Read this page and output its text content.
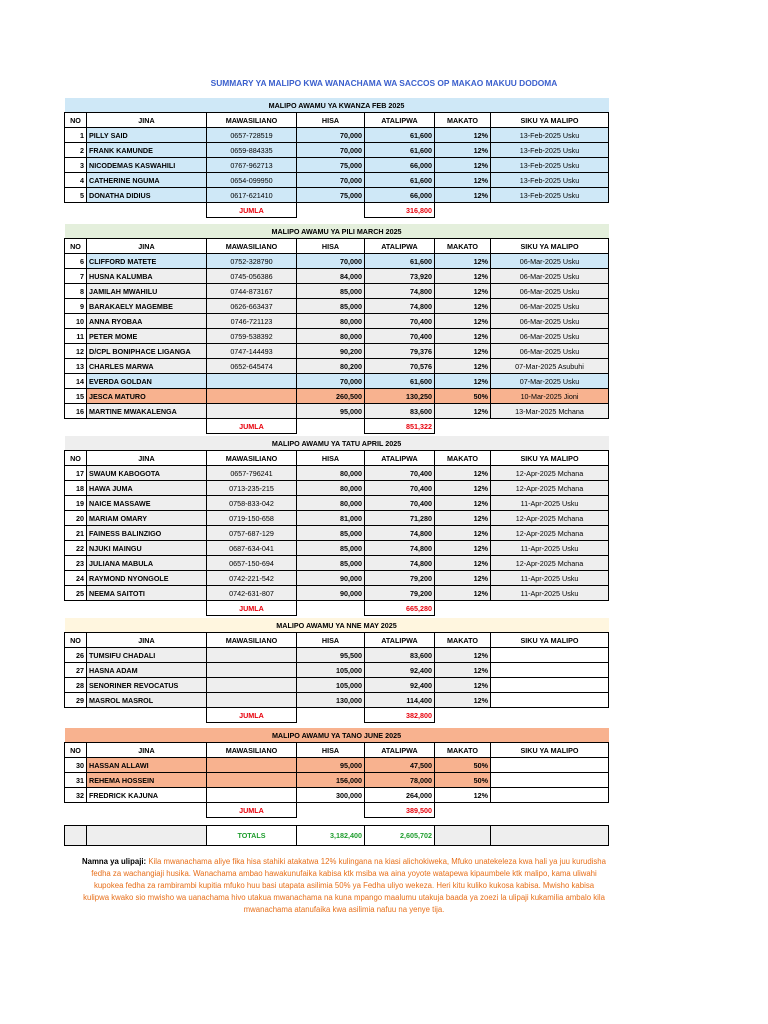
SUMMARY YA MALIPO KWA WANACHAMA WA SACCOS OP MAKAO MAKUU DODOMA
MALIPO AWAMU YA KWANZA FEB 2025						
NO	JINA	MAWASILIANO	HISA	ATALIPWA	MAKATO	SIKU YA MALIPO
1	PILLY SAID	0657-728519	70,000	61,600	12%	13-Feb-2025 Usku
2	FRANK KAMUNDE	0659-884335	70,000	61,600	12%	13-Feb-2025 Usku
3	NICODEMAS KASWAHILI	0767-962713	75,000	66,000	12%	13-Feb-2025 Usku
4	CATHERINE NGUMA	0654-099950	70,000	61,600	12%	13-Feb-2025 Usku
5	DONATHA DIDIUS	0617-621410	75,000	66,000	12%	13-Feb-2025 Usku
		JUMLA		316,800		
MALIPO AWAMU YA PILI MARCH 2025						
NO	JINA	MAWASILIANO	HISA	ATALIPWA	MAKATO	SIKU YA MALIPO
6	CLIFFORD MATETE	0752-328790	70,000	61,600	12%	06-Mar-2025 Usku
7	HUSNA KALUMBA	0745-056386	84,000	73,920	12%	06-Mar-2025 Usku
8	JAMILAH MWAHILU	0744-873167	85,000	74,800	12%	06-Mar-2025 Usku
9	BARAKAELY MAGEMBE	0626-663437	85,000	74,800	12%	06-Mar-2025 Usku
10	ANNA RYOBAA	0746-721123	80,000	70,400	12%	06-Mar-2025 Usku
11	PETER MOME	0759-538392	80,000	70,400	12%	06-Mar-2025 Usku
12	D/CPL BONIPHACE LIGANGA	0747-144493	90,200	79,376	12%	06-Mar-2025 Usku
13	CHARLES MARWA	0652-645474	80,200	70,576	12%	07-Mar-2025 Asubuhi
14	EVERDA GOLDAN		70,000	61,600	12%	07-Mar-2025 Usku
15	JESCA MATURO		260,500	130,250	50%	10-Mar-2025 Jioni
16	MARTINE MWAKALENGA		95,000	83,600	12%	13-Mar-2025 Mchana
		JUMLA		851,322		
MALIPO AWAMU YA TATU APRIL 2025						
NO	JINA	MAWASILIANO	HISA	ATALIPWA	MAKATO	SIKU YA MALIPO
17	SWAUM KABOGOTA	0657-796241	80,000	70,400	12%	12-Apr-2025 Mchana
18	HAWA JUMA	0713-235-215	80,000	70,400	12%	12-Apr-2025 Mchana
19	NAICE MASSAWE	0758-833-042	80,000	70,400	12%	11-Apr-2025 Usku
20	MARIAM OMARY	0719-150-658	81,000	71,280	12%	12-Apr-2025 Mchana
21	FAINESS BALINZIGO	0757-687-129	85,000	74,800	12%	12-Apr-2025 Mchana
22	NJUKI MAINGU	0687-634-041	85,000	74,800	12%	11-Apr-2025 Usku
23	JULIANA MABULA	0657-150-694	85,000	74,800	12%	12-Apr-2025 Mchana
24	RAYMOND NYONGOLE	0742-221-542	90,000	79,200	12%	11-Apr-2025 Usku
25	NEEMA SAITOTI	0742-631-807	90,000	79,200	12%	11-Apr-2025 Usku
		JUMLA		665,280		
MALIPO AWAMU YA NNE MAY 2025						
NO	JINA	MAWASILIANO	HISA	ATALIPWA	MAKATO	SIKU YA MALIPO
26	TUMSIFU CHADALI		95,500	83,600	12%	
27	HASNA ADAM		105,000	92,400	12%	
28	SENORINER REVOCATUS		105,000	92,400	12%	
29	MASROL MASROL		130,000	114,400	12%	
		JUMLA		382,800		
MALIPO AWAMU YA TANO JUNE 2025						
NO	JINA	MAWASILIANO	HISA	ATALIPWA	MAKATO	SIKU YA MALIPO
30	HASSAN ALLAWI		95,000	47,500	50%	
31	REHEMA HOSSEIN		156,000	78,000	50%	
32	FREDRICK KAJUNA		300,000	264,000	12%	
		JUMLA		389,500		
		TOTALS	3,182,400	2,605,702		
Namna ya ulipaji: Kila mwanachama aliye fika hisa stahiki atakatwa 12% kulingana na kiasi alichokiweka, Mfuko unatekeleza kwa hali ya juu kurudisha fedha za wachangiaji husika. Wanachama ambao hawakunufaika kabisa ktk msiba wa aina yoyote watapewa kipaumbele ktk malipo, kama uliwahi kupokea fedha za rambirambi kupitia mfuko huu basi utapata asilimia 50% ya Fedha uliyo wekeza. Heri kitu kuliko kukosa kabisa. Mwisho kabisa kulipwa kwako sio mwisho wa uanachama hivo utakua mwanachama na kuna mpango maalumu utakuja baada ya zoezi la ulipaji kukamilia ambalo kila mwanachama atanufaika kwa asilimia nafuu na yenye tija.
